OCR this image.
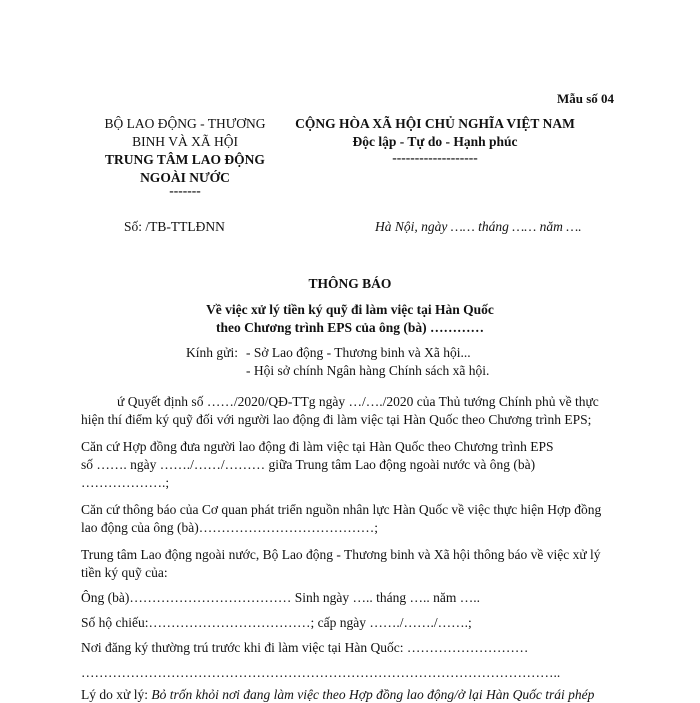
Mẫu số 04
BỘ LAO ĐỘNG - THƯƠNG
BINH VÀ XÃ HỘI
TRUNG TÂM LAO ĐỘNG
NGOÀI NƯỚC
-------
Số: /TB-TTLĐNN
CỘNG HÒA XÃ HỘI CHỦ NGHĨA VIỆT NAM
Độc lập - Tự do - Hạnh phúc
-------------------
Hà Nội, ngày …… tháng …… năm ….
THÔNG BÁO
Về việc xử lý tiền ký quỹ đi làm việc tại Hàn Quốc
theo Chương trình EPS của ông (bà) …………
Kính gửi: - Sở Lao động - Thương binh và Xã hội...
- Hội sở chính Ngân hàng Chính sách xã hội.
ứ Quyết định số ……/2020/QĐ-TTg ngày …/…./2020 của Thủ tướng Chính phủ về thực
hiện thí điểm ký quỹ đối với người lao động đi làm việc tại Hàn Quốc theo Chương trình EPS;
Căn cứ Hợp đồng đưa người lao động đi làm việc tại Hàn Quốc theo Chương trình EPS
số ……. ngày ……./……/……… giữa Trung tâm Lao động ngoài nước và ông (bà)
……………….;
Căn cứ thông báo của Cơ quan phát triển nguồn nhân lực Hàn Quốc về việc thực hiện Hợp đồng
lao động của ông (bà)…………………………………;
Trung tâm Lao động ngoài nước, Bộ Lao động - Thương binh và Xã hội thông báo về việc xử lý
tiền ký quỹ của:
Ông (bà)……………………………… Sinh ngày ….. tháng ….. năm …..
Số hộ chiếu:………………………………; cấp ngày ……./……./…….;
Nơi đăng ký thường trú trước khi đi làm việc tại Hàn Quốc: ………………………
……………………………………………………………………………………………..
Lý do xử lý: Bỏ trốn khỏi nơi đang làm việc theo Hợp đồng lao động/ở lại Hàn Quốc trái phép
